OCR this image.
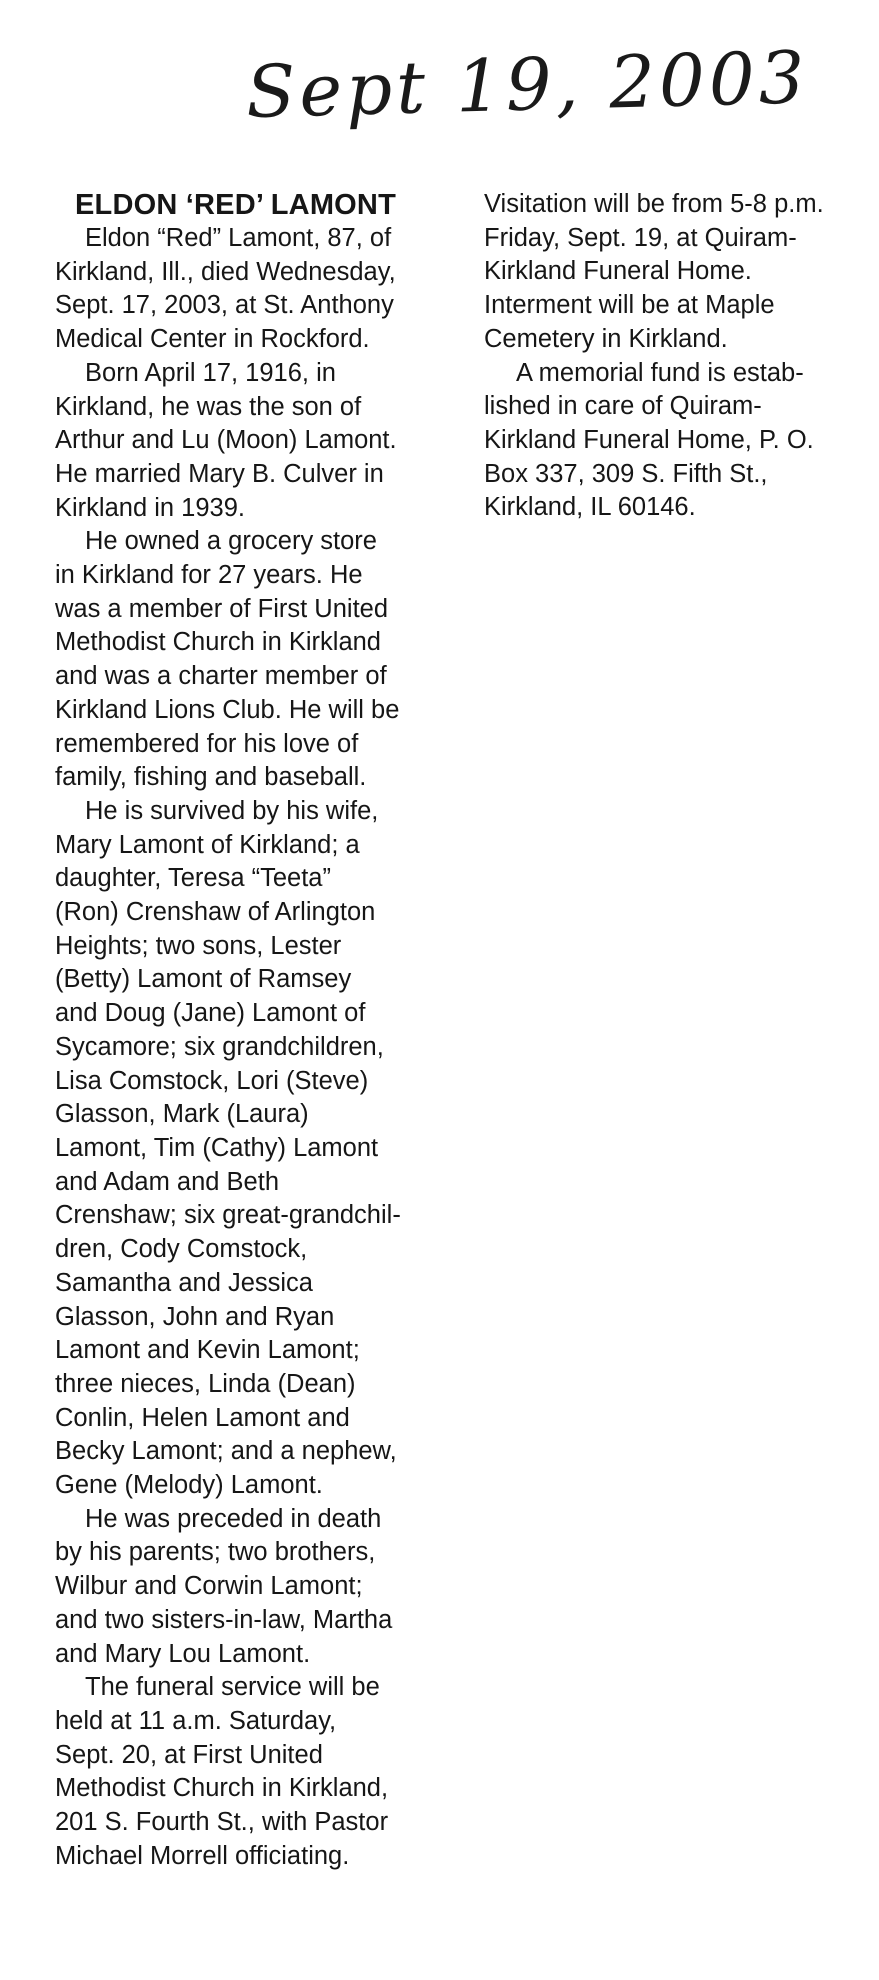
Sept 19, 2003
ELDON ‘RED’ LAMONT

Eldon “Red” Lamont, 87, of

Kirkland, Ill., died Wednesday,

Sept. 17, 2003, at St. Anthony

Medical Center in Rockford.

Born April 17, 1916, in

Kirkland, he was the son of

Arthur and Lu (Moon) Lamont.

He married Mary B. Culver in

Kirkland in 1939.

He owned a grocery store

in Kirkland for 27 years. He

was a member of First United

Methodist Church in Kirkland

and was a charter member of

Kirkland Lions Club. He will be

remembered for his love of

family, fishing and baseball.

He is survived by his wife,

Mary Lamont of Kirkland; a

daughter, Teresa “Teeta”

(Ron) Crenshaw of Arlington

Heights; two sons, Lester

(Betty) Lamont of Ramsey

and Doug (Jane) Lamont of

Sycamore; six grandchildren,

Lisa Comstock, Lori (Steve)

Glasson, Mark (Laura)

Lamont, Tim (Cathy) Lamont

and Adam and Beth

Crenshaw; six great-grandchil-

dren, Cody Comstock,

Samantha and Jessica

Glasson, John and Ryan

Lamont and Kevin Lamont;

three nieces, Linda (Dean)

Conlin, Helen Lamont and

Becky Lamont; and a nephew,

Gene (Melody) Lamont.

He was preceded in death

by his parents; two brothers,

Wilbur and Corwin Lamont;

and two sisters-in-law, Martha

and Mary Lou Lamont.

The funeral service will be

held at 11 a.m. Saturday,

Sept. 20, at First United

Methodist Church in Kirkland,

201 S. Fourth St., with Pastor

Michael Morrell officiating.

Visitation will be from 5-8 p.m.

Friday, Sept. 19, at Quiram-

Kirkland Funeral Home.

Interment will be at Maple

Cemetery in Kirkland.

A memorial fund is estab-

lished in care of Quiram-

Kirkland Funeral Home, P. O.

Box 337, 309 S. Fifth St.,

Kirkland, IL 60146.
